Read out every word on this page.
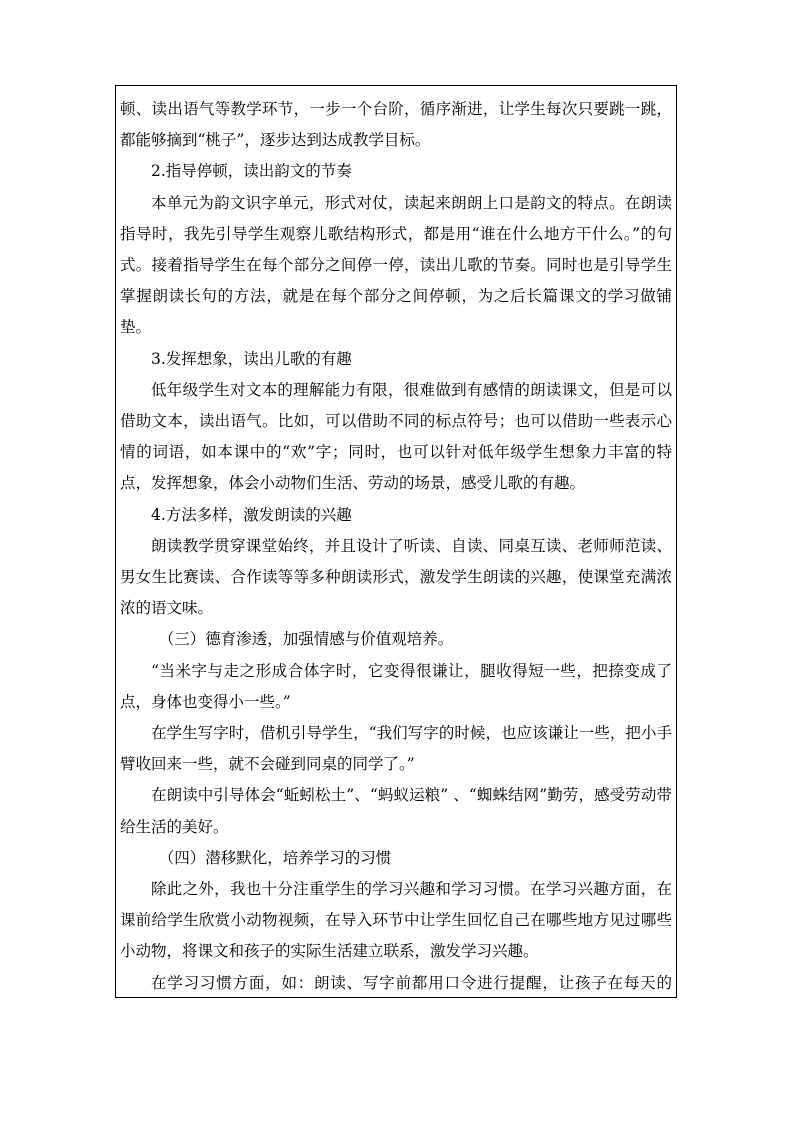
顿、读出语气等教学环节，一步一个台阶，循序渐进，让学生每次只要跳一跳，都能够摘到“桃子”，逐步达到达成教学目标。

2.指导停顿，读出韵文的节奏

本单元为韵文识字单元，形式对仗，读起来朗朗上口是韵文的特点。在朗读指导时，我先引导学生观察儿歌结构形式，都是用“谁在什么地方干什么。”的句式。接着指导学生在每个部分之间停一停，读出儿歌的节奏。同时也是引导学生掌握朗读长句的方法，就是在每个部分之间停顿，为之后长篇课文的学习做铺垫。

3.发挥想象，读出儿歌的有趣

低年级学生对文本的理解能力有限，很难做到有感情的朗读课文，但是可以借助文本，读出语气。比如，可以借助不同的标点符号；也可以借助一些表示心情的词语，如本课中的“欢”字；同时，也可以针对低年级学生想象力丰富的特点，发挥想象，体会小动物们生活、劳动的场景，感受儿歌的有趣。

4.方法多样，激发朗读的兴趣

朗读教学贯穿课堂始终，并且设计了听读、自读、同桌互读、老师师范读、男女生比赛读、合作读等等多种朗读形式，激发学生朗读的兴趣，使课堂充满浓浓的语文味。

（三）德育渗透，加强情感与价值观培养。

“当米字与走之形成合体字时，它变得很谦让，腿收得短一些，把捺变成了点，身体也变得小一些。”

在学生写字时，借机引导学生，“我们写字的时候，也应该谦让一些，把小手臂收回来一些，就不会碰到同桌的同学了。”

在朗读中引导体会“蚯蚓松土”、“蚂蚁运粮” 、“蜘蛛结网”勤劳，感受劳动带给生活的美好。

（四）潜移默化，培养学习的习惯

除此之外，我也十分注重学生的学习兴趣和学习习惯。在学习兴趣方面，在课前给学生欣赏小动物视频，在导入环节中让学生回忆自己在哪些地方见过哪些小动物，将课文和孩子的实际生活建立联系，激发学习兴趣。

在学习习惯方面，如：朗读、写字前都用口令进行提醒，让孩子在每天的
